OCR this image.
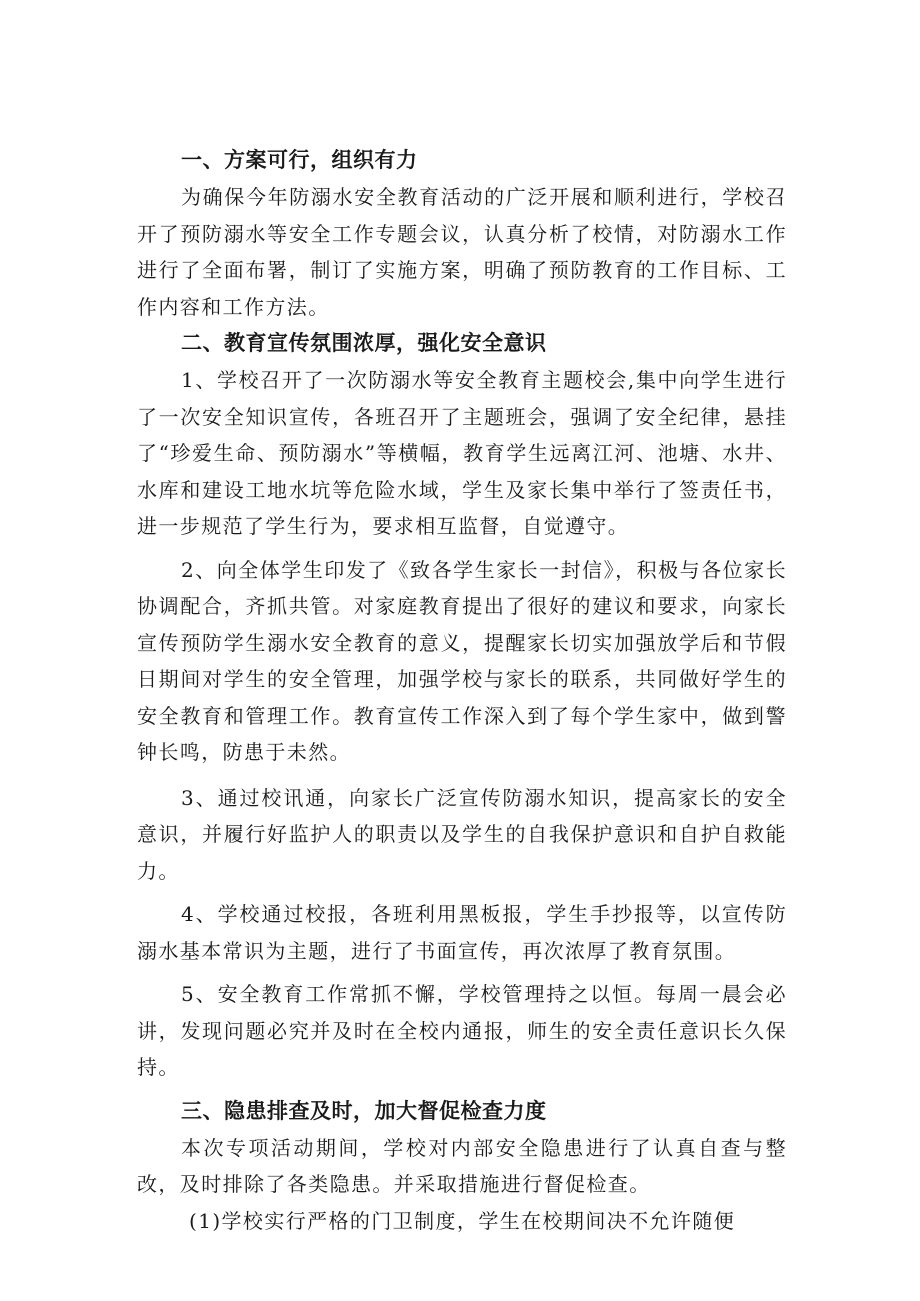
一、方案可行，组织有力

为确保今年防溺水安全教育活动的广泛开展和顺利进行，学校召开了预防溺水等安全工作专题会议，认真分析了校情，对防溺水工作进行了全面布署，制订了实施方案，明确了预防教育的工作目标、工作内容和工作方法。

二、教育宣传氛围浓厚，强化安全意识

1、学校召开了一次防溺水等安全教育主题校会,集中向学生进行了一次安全知识宣传，各班召开了主题班会，强调了安全纪律，悬挂了“珍爱生命、预防溺水”等横幅，教育学生远离江河、池塘、水井、水库和建设工地水坑等危险水域，学生及家长集中举行了签责任书，进一步规范了学生行为，要求相互监督，自觉遵守。

2、向全体学生印发了《致各学生家长一封信》，积极与各位家长协调配合，齐抓共管。对家庭教育提出了很好的建议和要求，向家长宣传预防学生溺水安全教育的意义，提醒家长切实加强放学后和节假日期间对学生的安全管理，加强学校与家长的联系，共同做好学生的安全教育和管理工作。教育宣传工作深入到了每个学生家中，做到警钟长鸣，防患于未然。

3、通过校讯通，向家长广泛宣传防溺水知识，提高家长的安全意识，并履行好监护人的职责以及学生的自我保护意识和自护自救能力。

4、学校通过校报，各班利用黑板报，学生手抄报等，以宣传防溺水基本常识为主题，进行了书面宣传，再次浓厚了教育氛围。

5、安全教育工作常抓不懈，学校管理持之以恒。每周一晨会必讲，发现问题必究并及时在全校内通报，师生的安全责任意识长久保持。

三、隐患排查及时，加大督促检查力度

本次专项活动期间，学校对内部安全隐患进行了认真自查与整改，及时排除了各类隐患。并采取措施进行督促检查。

(1)学校实行严格的门卫制度，学生在校期间决不允许随便
